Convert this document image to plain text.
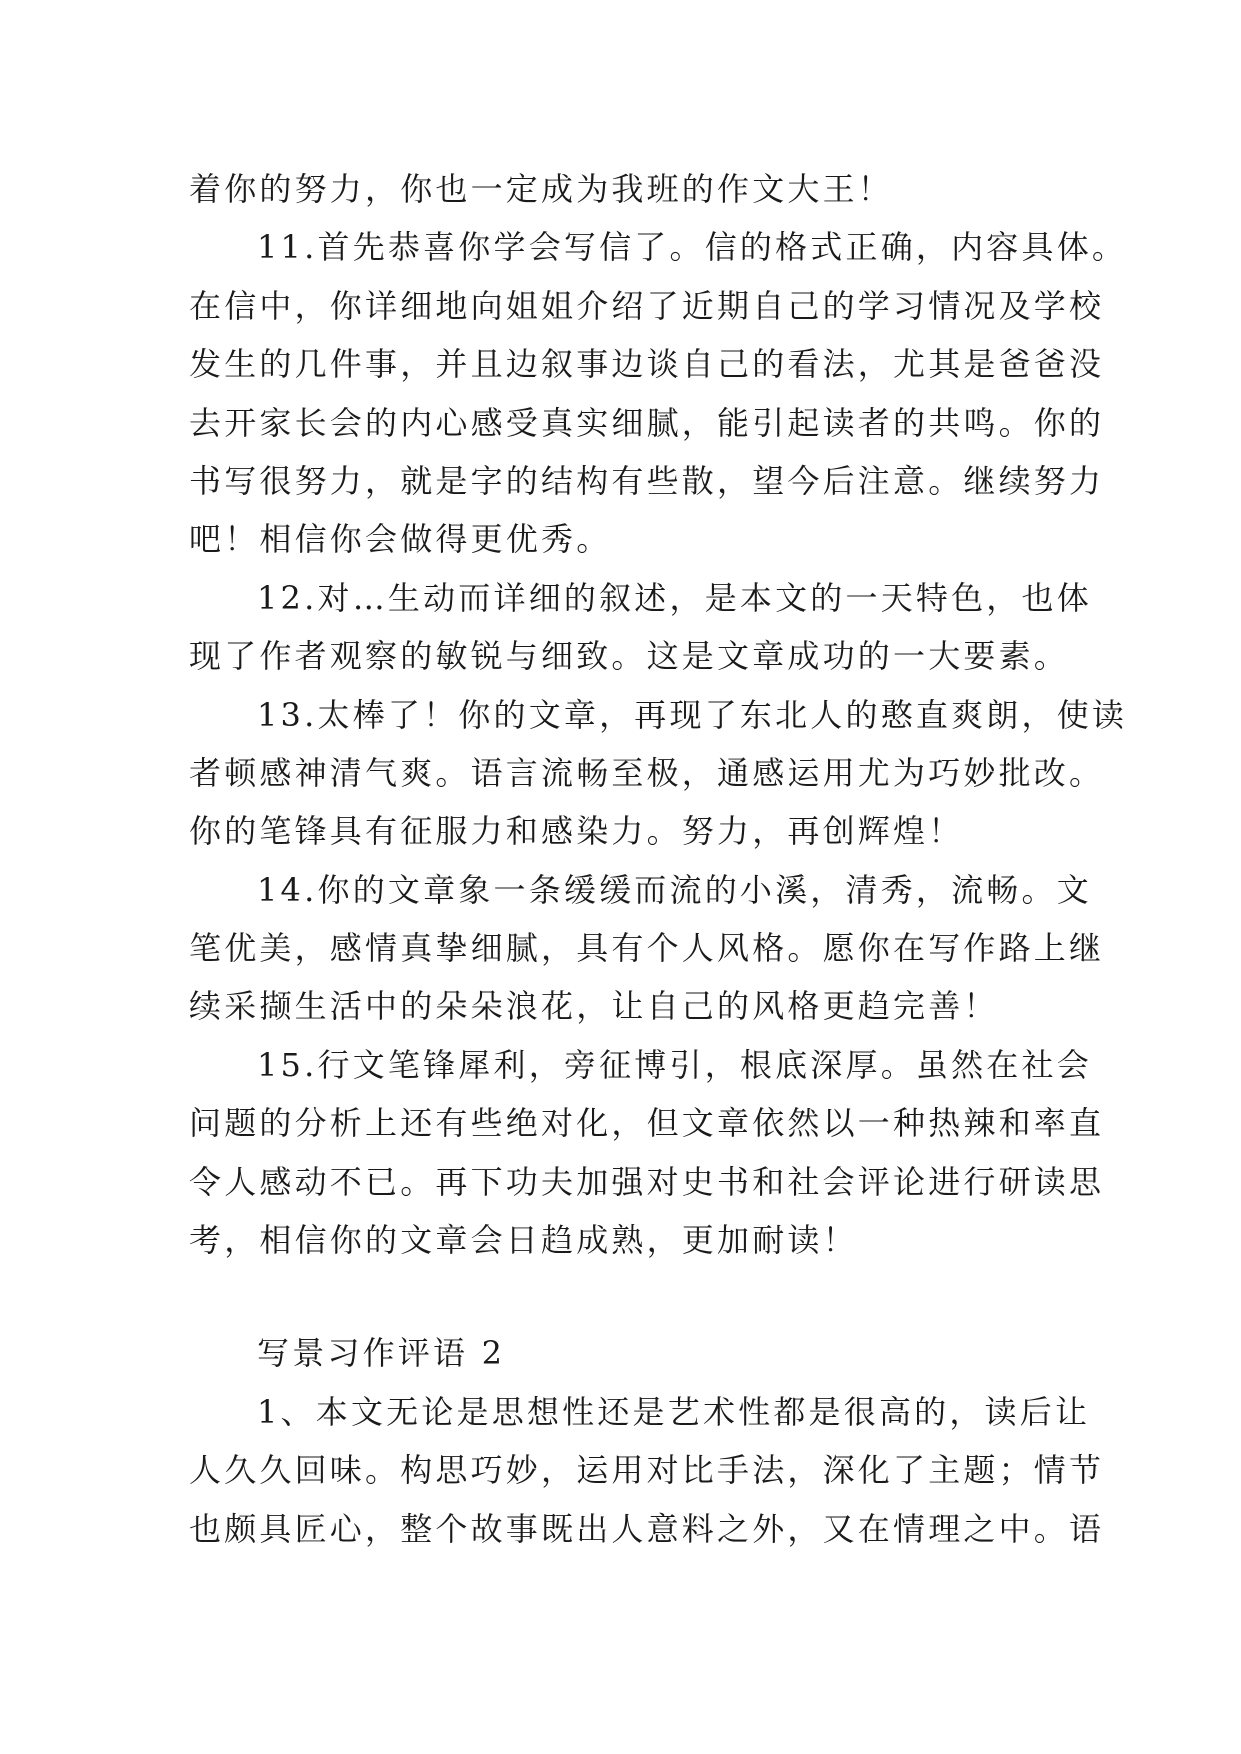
着你的努力，你也一定成为我班的作文大王！

11.首先恭喜你学会写信了。信的格式正确，内容具体。
在信中，你详细地向姐姐介绍了近期自己的学习情况及学校
发生的几件事，并且边叙事边谈自己的看法，尤其是爸爸没
去开家长会的内心感受真实细腻，能引起读者的共鸣。你的
书写很努力，就是字的结构有些散，望今后注意。继续努力
吧！相信你会做得更优秀。

12.对…生动而详细的叙述，是本文的一天特色，也体
现了作者观察的敏锐与细致。这是文章成功的一大要素。

13.太棒了！你的文章，再现了东北人的憨直爽朗，使读
者顿感神清气爽。语言流畅至极，通感运用尤为巧妙批改。
你的笔锋具有征服力和感染力。努力，再创辉煌！

14.你的文章象一条缓缓而流的小溪，清秀，流畅。文
笔优美，感情真挚细腻，具有个人风格。愿你在写作路上继
续采撷生活中的朵朵浪花，让自己的风格更趋完善！

15.行文笔锋犀利，旁征博引，根底深厚。虽然在社会
问题的分析上还有些绝对化，但文章依然以一种热辣和率直
令人感动不已。再下功夫加强对史书和社会评论进行研读思
考，相信你的文章会日趋成熟，更加耐读！

写景习作评语 2

1、本文无论是思想性还是艺术性都是很高的，读后让
人久久回味。构思巧妙，运用对比手法，深化了主题；情节
也颇具匠心，整个故事既出人意料之外，又在情理之中。语
